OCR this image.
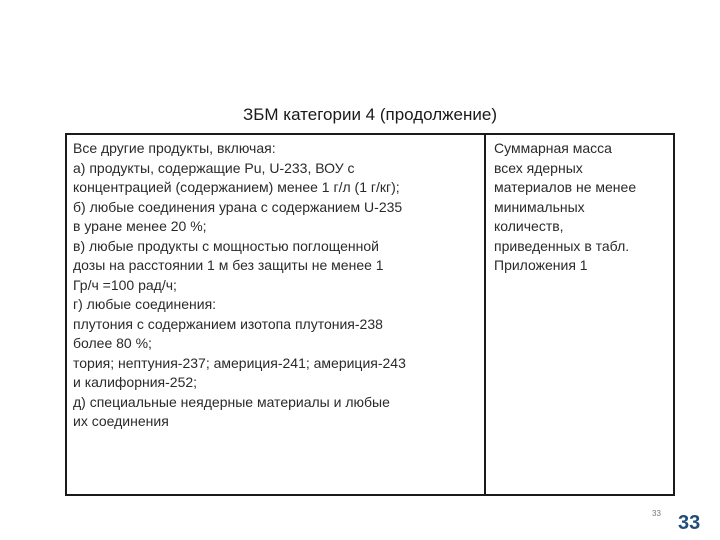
ЗБМ категории 4 (продолжение)
Все другие продукты, включая:
а) продукты, содержащие Pu, U-233, ВОУ с
концентрацией (содержанием) менее 1 г/л (1 г/кг);
б) любые соединения урана с содержанием U-235
в уране менее 20 %;
в) любые продукты с мощностью поглощенной
дозы на расстоянии 1 м без защиты не менее 1
Гр/ч =100 рад/ч;
г) любые соединения:
плутония с содержанием изотопа плутония-238
более 80 %;
тория; нептуния-237; америция-241; америция-243
и калифорния-252;
д) специальные неядерные материалы и любые
их соединения
Суммарная масса
всех ядерных
материалов не менее
минимальных
количеств,
приведенных в табл.
Приложения 1
33 33
